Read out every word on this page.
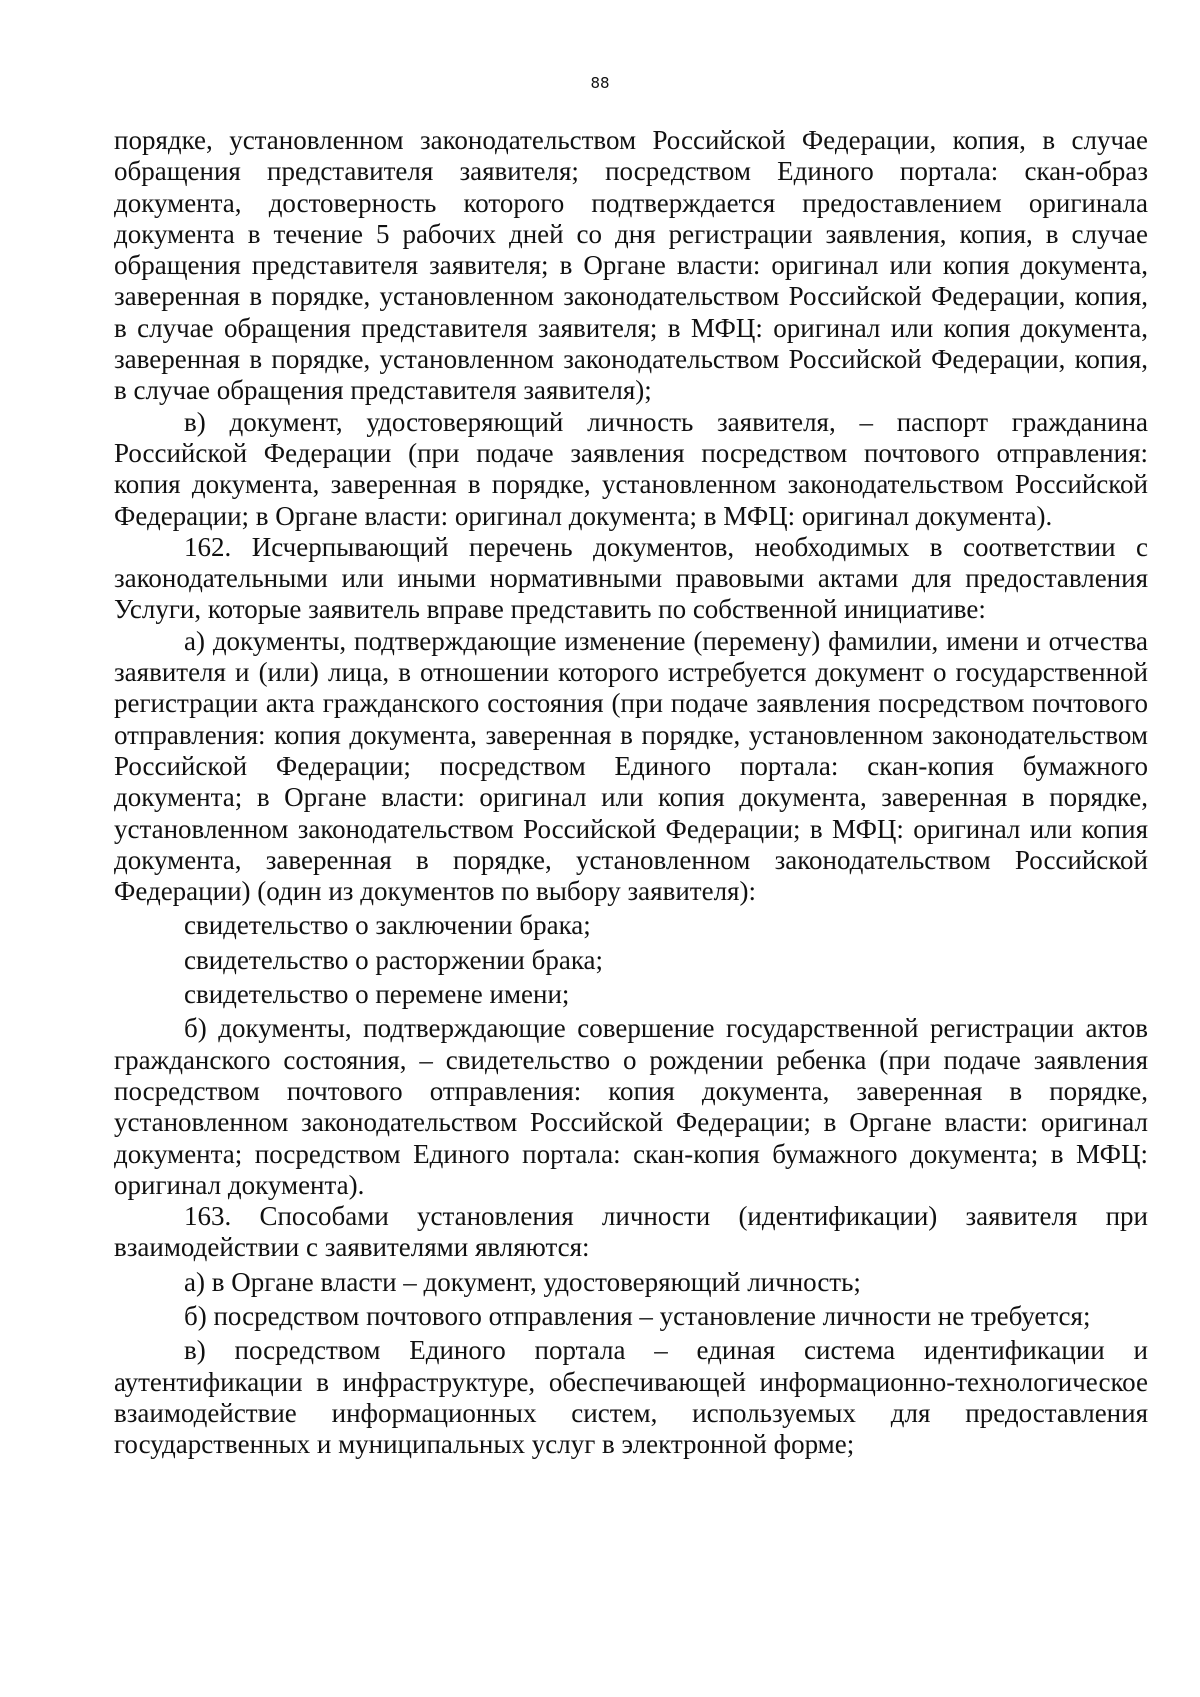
88

порядке, установленном законодательством Российской Федерации, копия, в случае обращения представителя заявителя; посредством Единого портала: скан-образ документа, достоверность которого подтверждается предоставлением оригинала документа в течение 5 рабочих дней со дня регистрации заявления, копия, в случае обращения представителя заявителя; в Органе власти: оригинал или копия документа, заверенная в порядке, установленном законодательством Российской Федерации, копия, в случае обращения представителя заявителя; в МФЦ: оригинал или копия документа, заверенная в порядке, установленном законодательством Российской Федерации, копия, в случае обращения представителя заявителя);

в) документ, удостоверяющий личность заявителя, – паспорт гражданина Российской Федерации (при подаче заявления посредством почтового отправления: копия документа, заверенная в порядке, установленном законодательством Российской Федерации; в Органе власти: оригинал документа; в МФЦ: оригинал документа).

162. Исчерпывающий перечень документов, необходимых в соответствии с законодательными или иными нормативными правовыми актами для предоставления Услуги, которые заявитель вправе представить по собственной инициативе:

а) документы, подтверждающие изменение (перемену) фамилии, имени и отчества заявителя и (или) лица, в отношении которого истребуется документ о государственной регистрации акта гражданского состояния (при подаче заявления посредством почтового отправления: копия документа, заверенная в порядке, установленном законодательством Российской Федерации; посредством Единого портала: скан-копия бумажного документа; в Органе власти: оригинал или копия документа, заверенная в порядке, установленном законодательством Российской Федерации; в МФЦ: оригинал или копия документа, заверенная в порядке, установленном законодательством Российской Федерации) (один из документов по выбору заявителя):

свидетельство о заключении брака;

свидетельство о расторжении брака;

свидетельство о перемене имени;

б) документы, подтверждающие совершение государственной регистрации актов гражданского состояния, – свидетельство о рождении ребенка (при подаче заявления посредством почтового отправления: копия документа, заверенная в порядке, установленном законодательством Российской Федерации; в Органе власти: оригинал документа; посредством Единого портала: скан-копия бумажного документа; в МФЦ: оригинал документа).

163. Способами установления личности (идентификации) заявителя при взаимодействии с заявителями являются:

а) в Органе власти – документ, удостоверяющий личность;

б) посредством почтового отправления – установление личности не требуется;

в) посредством Единого портала – единая система идентификации и аутентификации в инфраструктуре, обеспечивающей информационно-технологическое взаимодействие информационных систем, используемых для предоставления государственных и муниципальных услуг в электронной форме;
